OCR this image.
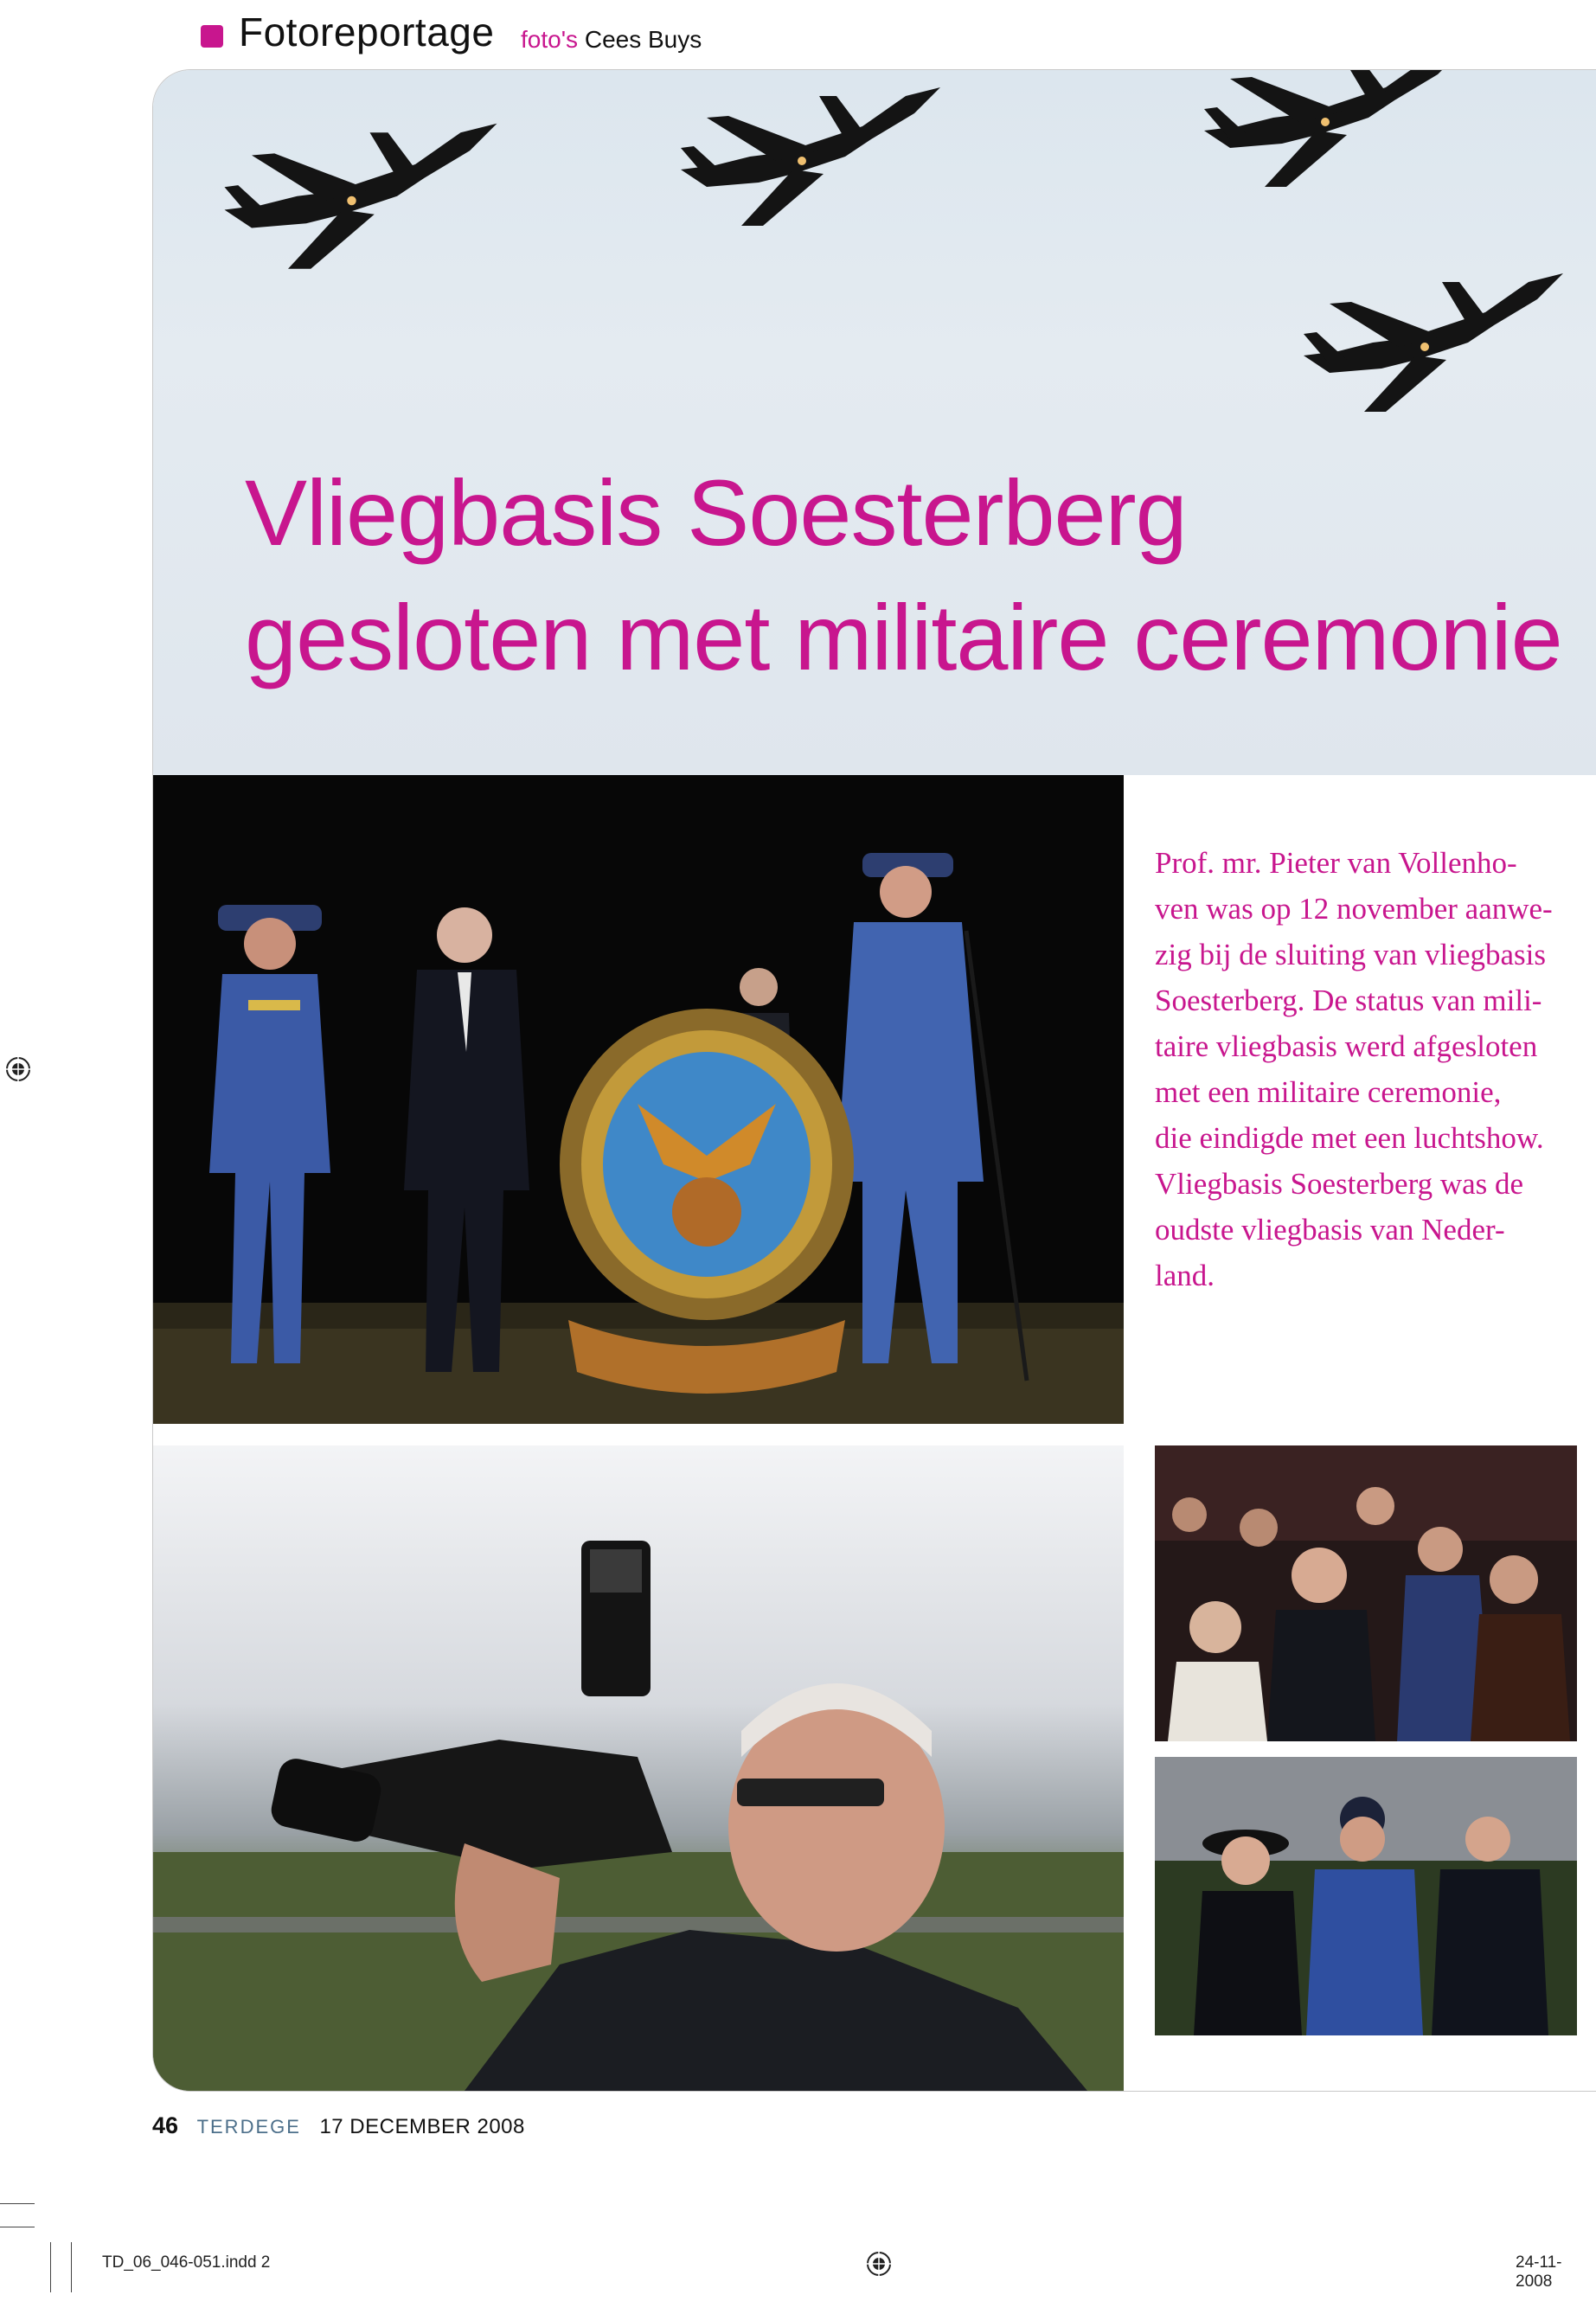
Fotoreportage foto's Cees Buys
Vliegbasis Soesterberg
gesloten met militaire ceremonie
Prof. mr. Pieter van Vollenho-
ven was op 12 november aanwe-
zig bij de sluiting van vliegbasis
Soesterberg. De status van mili-
taire vliegbasis werd afgesloten
met een militaire ceremonie,
die eindigde met een luchtshow.
Vliegbasis Soesterberg was de
oudste vliegbasis van Neder-
land.
46 TERDEGE 17 DECEMBER 2008
TD_06_046-051.indd 2	24-11-2008
